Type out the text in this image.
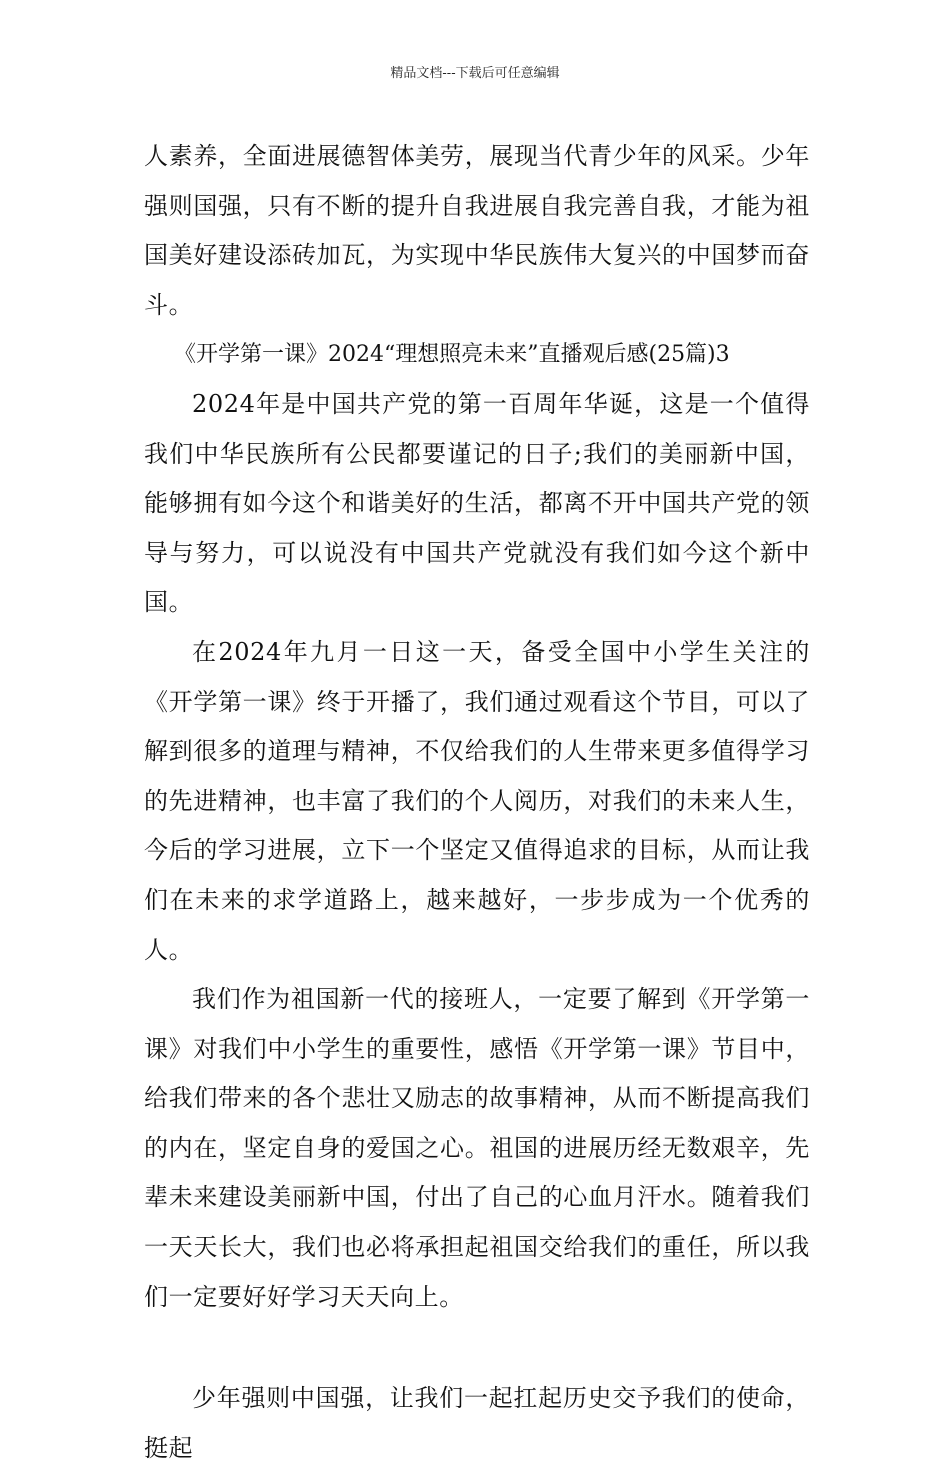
精品文档---下载后可任意编辑

人素养，全面进展德智体美劳，展现当代青少年的风采。少年强则国强，只有不断的提升自我进展自我完善自我，才能为祖国美好建设添砖加瓦，为实现中华民族伟大复兴的中国梦而奋斗。

《开学第一课》2024“理想照亮未来”直播观后感(25篇)3

2024年是中国共产党的第一百周年华诞，这是一个值得我们中华民族所有公民都要谨记的日子;我们的美丽新中国，能够拥有如今这个和谐美好的生活，都离不开中国共产党的领导与努力，可以说没有中国共产党就没有我们如今这个新中国。

在2024年九月一日这一天，备受全国中小学生关注的《开学第一课》终于开播了，我们通过观看这个节目，可以了解到很多的道理与精神，不仅给我们的人生带来更多值得学习的先进精神，也丰富了我们的个人阅历，对我们的未来人生，今后的学习进展，立下一个坚定又值得追求的目标，从而让我们在未来的求学道路上，越来越好，一步步成为一个优秀的人。

我们作为祖国新一代的接班人，一定要了解到《开学第一课》对我们中小学生的重要性，感悟《开学第一课》节目中，给我们带来的各个悲壮又励志的故事精神，从而不断提高我们的内在，坚定自身的爱国之心。祖国的进展历经无数艰辛，先辈未来建设美丽新中国，付出了自己的心血月汗水。随着我们一天天长大，我们也必将承担起祖国交给我们的重任，所以我们一定要好好学习天天向上。

少年强则中国强，让我们一起扛起历史交予我们的使命，挺起
